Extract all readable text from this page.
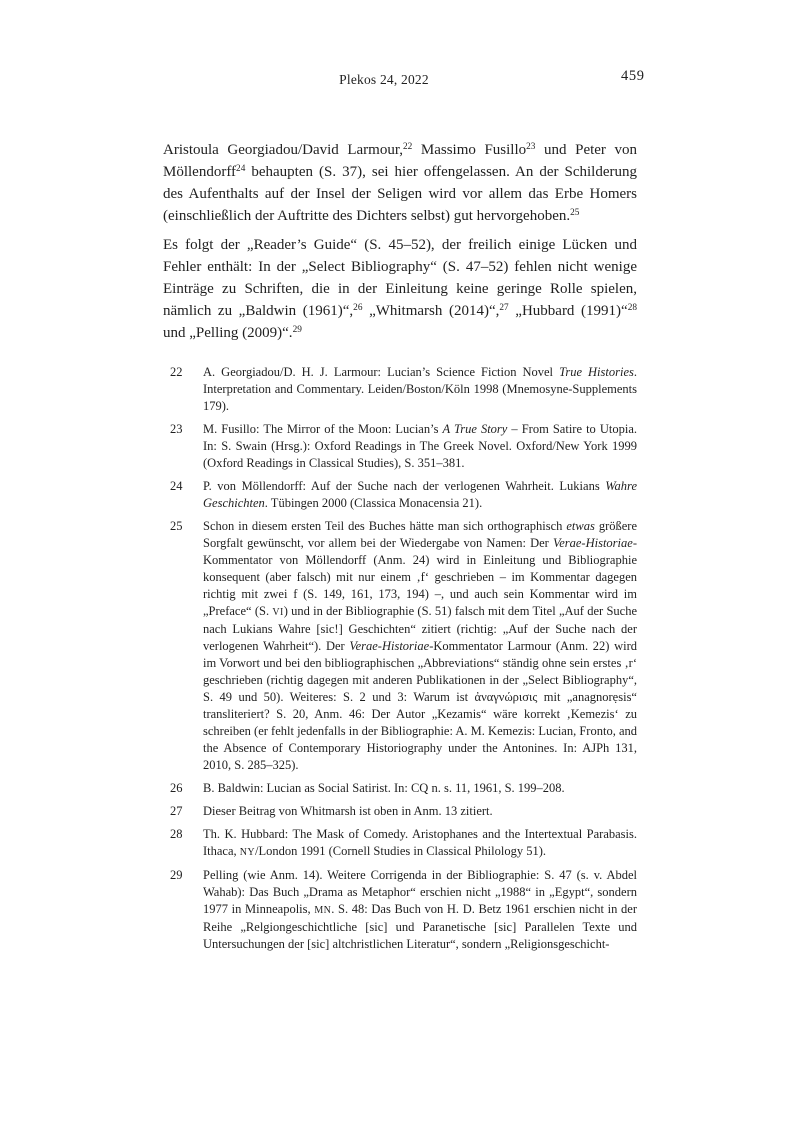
Plekos 24, 2022	459

Aristoula Georgiadou/David Larmour,$^{22}$ Massimo Fusillo$^{23}$ und Peter von Möllendorff$^{24}$ behaupten (S. 37), sei hier offengelassen. An der Schilderung des Aufenthalts auf der Insel der Seligen wird vor allem das Erbe Homers (einschließlich der Auftritte des Dichters selbst) gut hervorgehoben.$^{25}$

Es folgt der „Reader’s Guide“ (S. 45–52), der freilich einige Lücken und Fehler enthält: In der „Select Bibliography“ (S. 47–52) fehlen nicht wenige Einträge zu Schriften, die in der Einleitung keine geringe Rolle spielen, nämlich zu „Baldwin (1961)“,$^{26}$ „Whitmarsh (2014)“,$^{27}$ „Hubbard (1991)“$^{28}$ und „Pelling (2009)“.$^{29}$

22	A. Georgiadou/D. H. J. Larmour: Lucian’s Science Fiction Novel True Histories. Interpretation and Commentary. Leiden/Boston/Köln 1998 (Mnemosyne-Supplements 179).
23	M. Fusillo: The Mirror of the Moon: Lucian’s A True Story – From Satire to Utopia. In: S. Swain (Hrsg.): Oxford Readings in The Greek Novel. Oxford/New York 1999 (Oxford Readings in Classical Studies), S. 351–381.
24	P. von Möllendorff: Auf der Suche nach der verlogenen Wahrheit. Lukians Wahre Geschichten. Tübingen 2000 (Classica Monacensia 21).
25	Schon in diesem ersten Teil des Buches hätte man sich orthographisch etwas größere Sorgfalt gewünscht, vor allem bei der Wiedergabe von Namen: Der Verae-Historiae-Kommentator von Möllendorff (Anm. 24) wird in Einleitung und Bibliographie konsequent (aber falsch) mit nur einem ‚f‘ geschrieben – im Kommentar dagegen richtig mit zwei f (S. 149, 161, 173, 194) –, und auch sein Kommentar wird im „Preface“ (S. VI) und in der Bibliographie (S. 51) falsch mit dem Titel „Auf der Suche nach Lukians Wahre [sic!] Geschichten“ zitiert (richtig: „Auf der Suche nach der verlogenen Wahrheit“). Der Verae-Historiae-Kommentator Larmour (Anm. 22) wird im Vorwort und bei den bibliographischen „Abbreviations“ ständig ohne sein erstes ‚r‘ geschrieben (richtig dagegen mit anderen Publikationen in der „Select Bibliography“, S. 49 und 50). Weiteres: S. 2 und 3: Warum ist ἀναγνώρισις mit „anagnorẹsis“ transliteriert? S. 20, Anm. 46: Der Autor „Kezamis“ wäre korrekt ‚Kemezis‘ zu schreiben (er fehlt jedenfalls in der Bibliographie: A. M. Kemezis: Lucian, Fronto, and the Absence of Contemporary Historiography under the Antonines. In: AJPh 131, 2010, S. 285–325).
26	B. Baldwin: Lucian as Social Satirist. In: CQ n. s. 11, 1961, S. 199–208.
27	Dieser Beitrag von Whitmarsh ist oben in Anm. 13 zitiert.
28	Th. K. Hubbard: The Mask of Comedy. Aristophanes and the Intertextual Parabasis. Ithaca, NY/London 1991 (Cornell Studies in Classical Philology 51).
29	Pelling (wie Anm. 14). Weitere Corrigenda in der Bibliographie: S. 47 (s. v. Abdel Wahab): Das Buch „Drama as Metaphor“ erschien nicht „1988“ in „Egypt“, sondern 1977 in Minneapolis, MN. S. 48: Das Buch von H. D. Betz 1961 erschien nicht in der Reihe „Relgiongeschichtliche [sic] und Paranetische [sic] Parallelen Texte und Untersuchungen der [sic] altchristlichen Literatur“, sondern „Religionsgeschicht-
